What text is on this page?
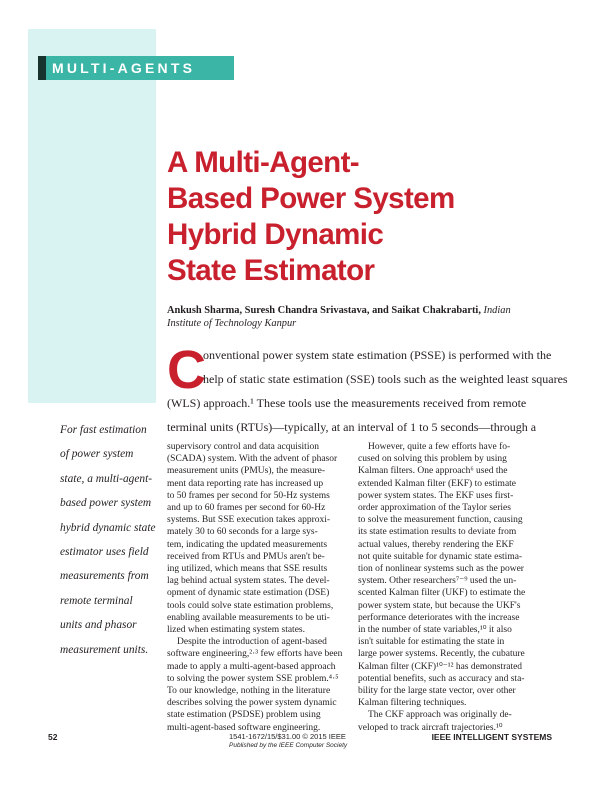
MULTI-AGENTS
A Multi-Agent-
Based Power System
Hybrid Dynamic
State Estimator
Ankush Sharma, Suresh Chandra Srivastava, and Saikat Chakrabarti, Indian Institute of Technology Kanpur
C
onventional power system state estimation (PSSE) is performed with the
help of static state estimation (SSE) tools such as the weighted least squares
(WLS) approach.¹ These tools use the measurements received from remote
terminal units (RTUs)—typically, at an interval of 1 to 5 seconds—through a
For fast estimation
of power system
state, a multi-agent-
based power system
hybrid dynamic state
estimator uses field
measurements from
remote terminal
units and phasor
measurement units.
supervisory control and data acquisition
(SCADA) system. With the advent of phasor
measurement units (PMUs), the measure-
ment data reporting rate has increased up
to 50 frames per second for 50-Hz systems
and up to 60 frames per second for 60-Hz
systems. But SSE execution takes approxi-
mately 30 to 60 seconds for a large sys-
tem, indicating the updated measurements
received from RTUs and PMUs aren't be-
ing utilized, which means that SSE results
lag behind actual system states. The devel-
opment of dynamic state estimation (DSE)
tools could solve state estimation problems,
enabling available measurements to be uti-
lized when estimating system states.
Despite the introduction of agent-based
software engineering,²·³ few efforts have been
made to apply a multi-agent-based approach
to solving the power system SSE problem.⁴·⁵
To our knowledge, nothing in the literature
describes solving the power system dynamic
state estimation (PSDSE) problem using
multi-agent-based software engineering.
However, quite a few efforts have fo-
cused on solving this problem by using
Kalman filters. One approach⁶ used the
extended Kalman filter (EKF) to estimate
power system states. The EKF uses first-
order approximation of the Taylor series
to solve the measurement function, causing
its state estimation results to deviate from
actual values, thereby rendering the EKF
not quite suitable for dynamic state estima-
tion of nonlinear systems such as the power
system. Other researchers⁷⁻⁹ used the un-
scented Kalman filter (UKF) to estimate the
power system state, but because the UKF's
performance deteriorates with the increase
in the number of state variables,¹⁰ it also
isn't suitable for estimating the state in
large power systems. Recently, the cubature
Kalman filter (CKF)¹⁰⁻¹² has demonstrated
potential benefits, such as accuracy and sta-
bility for the large state vector, over other
Kalman filtering techniques.
The CKF approach was originally de-
veloped to track aircraft trajectories.¹⁰
52	1541-1672/15/$31.00 © 2015 IEEE
Published by the IEEE Computer Society
IEEE INTELLIGENT SYSTEMS
